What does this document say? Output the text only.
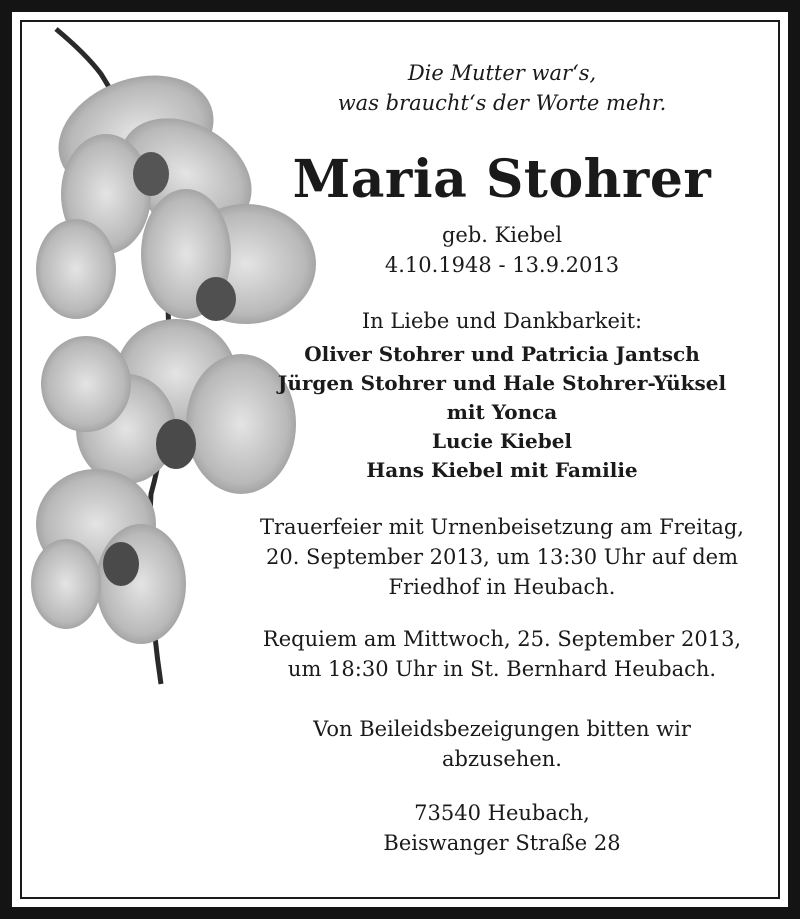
Die Mutter war‘s,
was braucht‘s der Worte mehr.
Maria Stohrer
geb. Kiebel
4.10.1948 - 13.9.2013
In Liebe und Dankbarkeit:
Oliver Stohrer und Patricia Jantsch
Jürgen Stohrer und Hale Stohrer-Yüksel
mit Yonca
Lucie Kiebel
Hans Kiebel mit Familie
Trauerfeier mit Urnenbeisetzung am Freitag,
20. September 2013, um 13:30 Uhr auf dem
Friedhof in Heubach.
Requiem am Mittwoch, 25. September 2013,
um 18:30 Uhr in St. Bernhard Heubach.
Von Beileidsbezeigungen bitten wir
abzusehen.
73540 Heubach,
Beiswanger Straße 28
